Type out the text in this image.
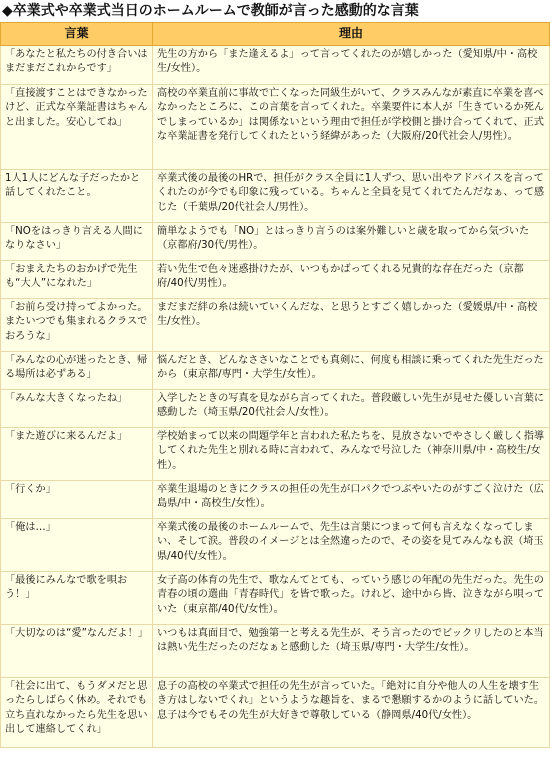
◆卒業式や卒業式当日のホームルームで教師が言った感動的な言葉
言葉	理由
「あなたと私たちの付き合いはまだまだこれからです」	先生の方から「また逢えるよ」って言ってくれたのが嬉しかった（愛知県/中・高校生/女性）。
「直接渡すことはできなかったけど、正式な卒業証書はちゃんと出ました。安心してね」	高校の卒業直前に事故で亡くなった同級生がいて、クラスみんなが素直に卒業を喜べなかったところに、この言葉を言ってくれた。卒業要件に本人が「生きているか死んでしまっているか」は関係ないという理由で担任が学校側と掛け合ってくれて、正式な卒業証書を発行してくれたという経緯があった（大阪府/20代社会人/男性）。
1人1人にどんな子だったかと話してくれたこと。	卒業式後の最後のHRで、担任がクラス全員に1人ずつ、思い出やアドバイスを言ってくれたのが今でも印象に残っている。ちゃんと全員を見てくれてたんだなぁ、って感じた（千葉県/20代社会人/男性）。
「NOをはっきり言える人間になりなさい」	簡単なようでも「NO」とはっきり言うのは案外難しいと歳を取ってから気づいた（京都府/30代/男性）。
「おまえたちのおかげで先生も“大人”になれた」	若い先生で色々迷惑掛けたが、いつもかばってくれる兄貴的な存在だった（京都府/40代/男性）。
「お前ら受け持ってよかった。またいつでも集まれるクラスでおろうな」	まだまだ絆の糸は続いていくんだな、と思うとすごく嬉しかった（愛媛県/中・高校生/女性）。
「みんなの心が迷ったとき、帰る場所は必ずある」	悩んだとき、どんなささいなことでも真剣に、何度も相談に乗ってくれた先生だったから（東京都/専門・大学生/女性）。
「みんな大きくなったね」	入学したときの写真を見ながら言ってくれた。普段厳しい先生が見せた優しい言葉に感動した（埼玉県/20代社会人/女性）。
「また遊びに来るんだよ」	学校始まって以来の問題学年と言われた私たちを、見放さないでやさしく厳しく指導してくれた先生と別れる時に言われて、みんなで号泣した（神奈川県/中・高校生/女性）。
「行くか」	卒業生退場のときにクラスの担任の先生が口パクでつぶやいたのがすごく泣けた（広島県/中・高校生/女性）。
「俺は…」	卒業式後の最後のホームルームで、先生は言葉につまって何も言えなくなってしまい、そして涙。普段のイメージとは全然違ったので、その姿を見てみんなも涙（埼玉県/40代/女性）。
「最後にみんなで歌を唄おう！」	女子高の体育の先生で、歌なんてとても、っていう感じの年配の先生だった。先生の青春の頃の選曲「青春時代」を皆で歌った。けれど、途中から皆、泣きながら唄っていた（東京都/40代/女性）。
「大切なのは“愛”なんだよ！」	いつもは真面目で、勉強第一と考える先生が、そう言ったのでビックリしたのと本当は熱い先生だったのだなぁと感動した（埼玉県/専門・大学生/女性）。
「社会に出て、もうダメだと思ったらしばらく休め。それでも立ち直れなかったら先生を思い出して連絡してくれ」	息子の高校の卒業式で担任の先生が言っていた。「絶対に自分や他人の人生を壊す生き方はしないでくれ」というような趣旨を、まるで懇願するかのように話していた。息子は今でもその先生が大好きで尊敬している（静岡県/40代/女性）。
